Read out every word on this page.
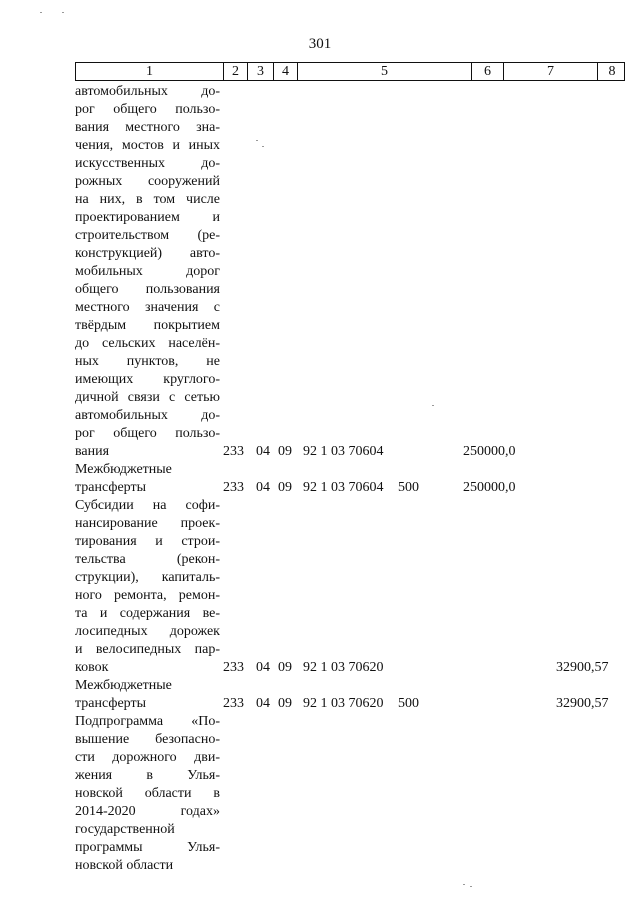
301
1	2	3	4	5	6	7	8
автомобильных до-
рог общего пользо-
вания местного зна-
чения, мостов и иных
искусственных до-
рожных сооружений
на них, в том числе
проектированием и
строительством (ре-
конструкцией) авто-
мобильных дорог
общего пользования
местного значения с
твёрдым покрытием
до сельских населён-
ных пунктов, не
имеющих круглого-
дичной связи с сетью
автомобильных до-
рог общего пользо-
вания	233 04 09 92 1 03 70604	250000,0
Межбюджетные
трансферты	233 04 09 92 1 03 70604 500	250000,0
Субсидии на софи-
нансирование проек-
тирования и строи-
тельства (рекон-
струкции), капиталь-
ного ремонта, ремон-
та и содержания ве-
лосипедных дорожек
и велосипедных пар-
ковок	233 04 09 92 1 03 70620	32900,57
Межбюджетные
трансферты	233 04 09 92 1 03 70620 500	32900,57
Подпрограмма «По-
вышение безопасно-
сти дорожного дви-
жения в Улья-
новской области в
2014-2020 годах»
государственной
программы Улья-
новской области
